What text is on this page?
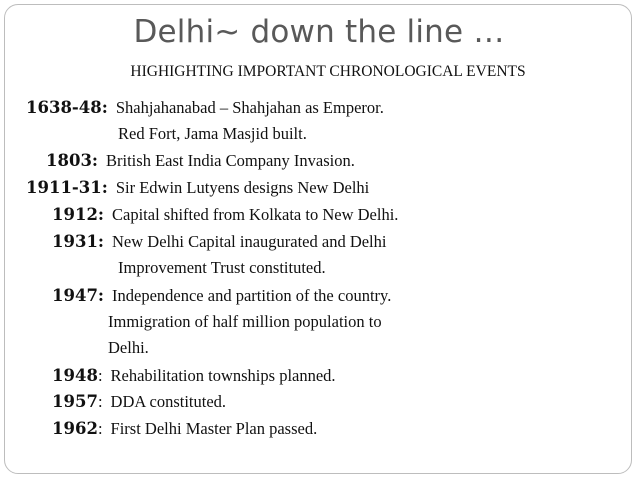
Delhi~ down the line …
HIGHIGHTING IMPORTANT CHRONOLOGICAL EVENTS
1638-48: Shahjahanabad – Shahjahan as Emperor.
Red Fort, Jama Masjid built.
1803: British East India Company Invasion.
1911-31: Sir Edwin Lutyens designs New Delhi
1912: Capital shifted from Kolkata to New Delhi.
1931: New Delhi Capital inaugurated and Delhi
Improvement Trust constituted.
1947: Independence and partition of the country.
Immigration of half million population to
Delhi.
1948: Rehabilitation townships planned.
1957: DDA constituted.
1962: First Delhi Master Plan passed.
